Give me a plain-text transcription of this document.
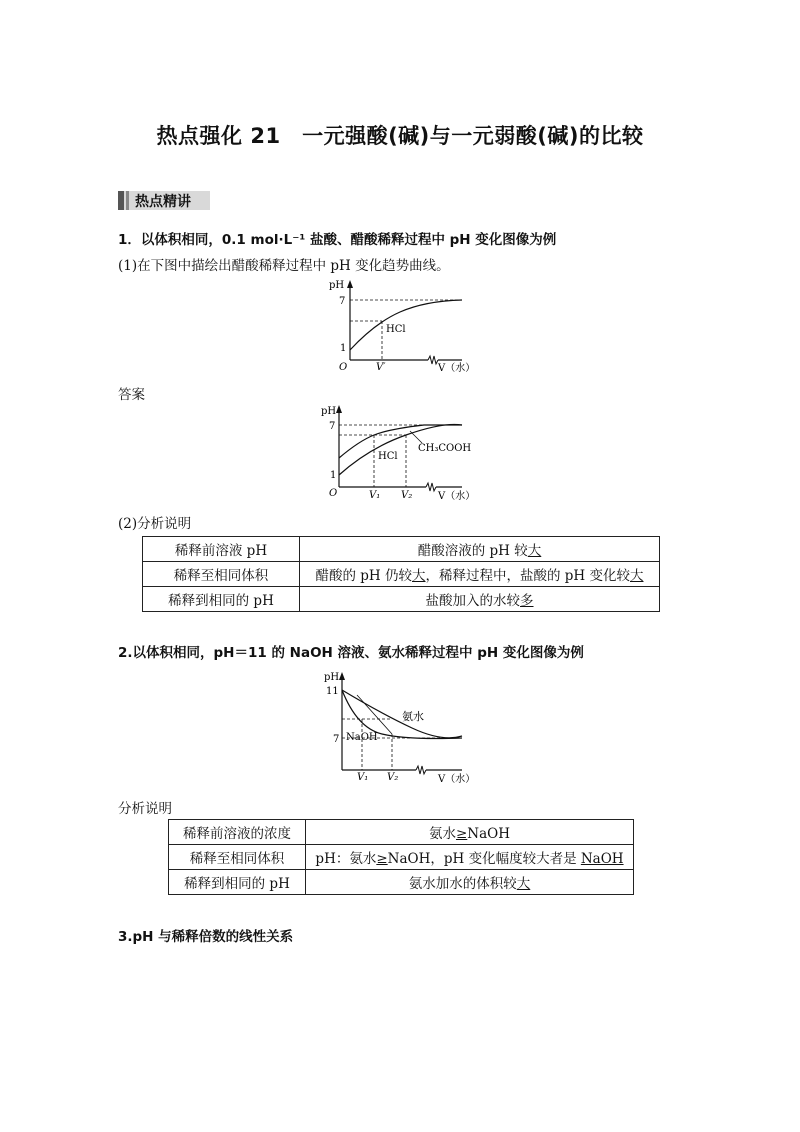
热点强化 21　一元强酸(碱)与一元弱酸(碱)的比较
热点精讲
1．以体积相同，0.1 mol·L⁻¹ 盐酸、醋酸稀释过程中 pH 变化图像为例
(1)在下图中描绘出醋酸稀释过程中 pH 变化趋势曲线。
pH
7
1
O	V′	V（水）
HCl
答案
pH
7
1
O	V₁ V₂	V（水）
HCl
CH₃COOH
(2)分析说明
稀释前溶液 pH	醋酸溶液的 pH 较大
稀释至相同体积	醋酸的 pH 仍较大，稀释过程中，盐酸的 pH 变化较大
稀释到相同的 pH	盐酸加入的水较多
2.以体积相同，pH＝11 的 NaOH 溶液、氨水稀释过程中 pH 变化图像为例
pH
11
7
V₁ V₂	V（水）
氨水
NaOH
分析说明
稀释前溶液的浓度	氨水≥NaOH
稀释至相同体积	pH：氨水≥NaOH，pH 变化幅度较大者是 NaOH
稀释到相同的 pH	氨水加水的体积较大
3.pH 与稀释倍数的线性关系
